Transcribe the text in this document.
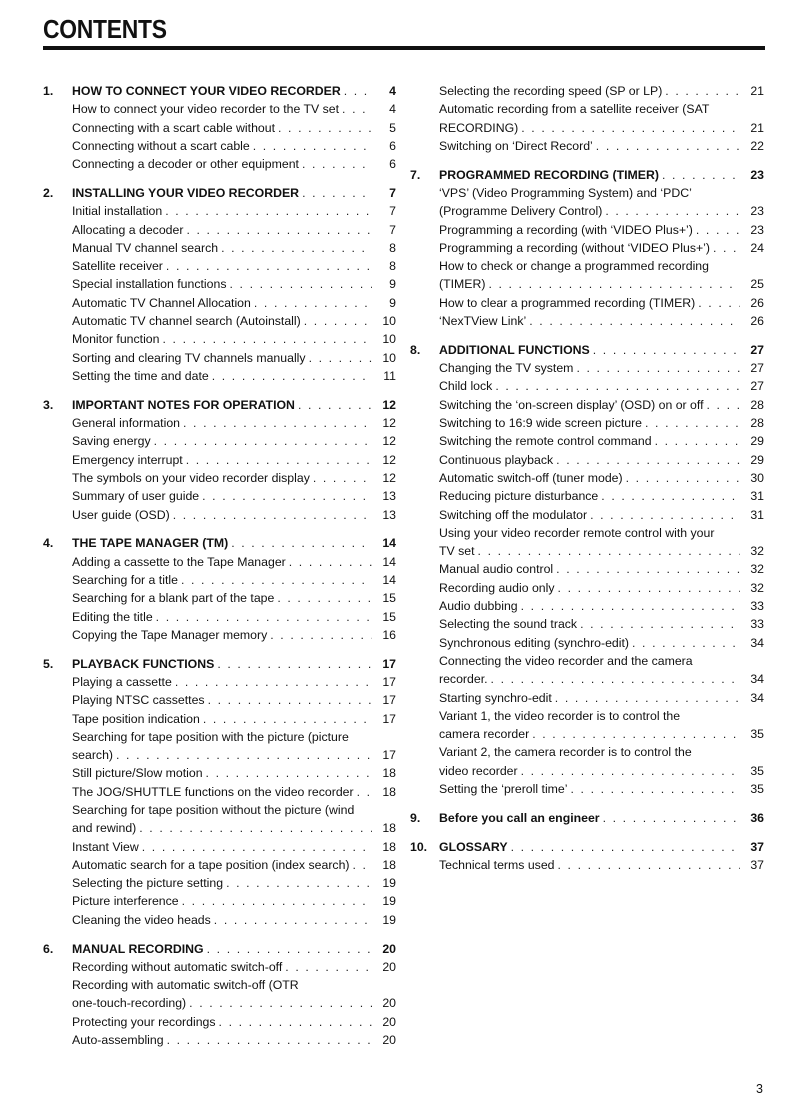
CONTENTS
1.	HOW TO CONNECT YOUR VIDEO RECORDER . . .	4
How to connect your video recorder to the TV set . . .	4
Connecting with a scart cable without . . .	5
Connecting without a scart cable . . .	6
Connecting a decoder or other equipment . . .	6
2.	INSTALLING YOUR VIDEO RECORDER . . .	7
Initial installation . . .	7
Allocating a decoder . . .	7
Manual TV channel search . . .	8
Satellite receiver . . .	8
Special installation functions . . .	9
Automatic TV Channel Allocation . . .	9
Automatic TV channel search (Autoinstall) . . .	10
Monitor function . . .	10
Sorting and clearing TV channels manually . . .	10
Setting the time and date . . .	11
3.	IMPORTANT NOTES FOR OPERATION . . .	12
General information . . .	12
Saving energy . . .	12
Emergency interrupt . . .	12
The symbols on your video recorder display . . .	12
Summary of user guide . . .	13
User guide (OSD) . . .	13
4.	THE TAPE MANAGER (TM) . . .	14
Adding a cassette to the Tape Manager . . .	14
Searching for a title . . .	14
Searching for a blank part of the tape . . .	15
Editing the title . . .	15
Copying the Tape Manager memory . . .	16
5.	PLAYBACK FUNCTIONS . . .	17
Playing a cassette . . .	17
Playing NTSC cassettes . . .	17
Tape position indication . . .	17
Searching for tape position with the picture (picture
search) . . .	17
Still picture/Slow motion . . .	18
The JOG/SHUTTLE functions on the video recorder . . .	18
Searching for tape position without the picture (wind
and rewind) . . .	18
Instant View . . .	18
Automatic search for a tape position (index search) . . .	18
Selecting the picture setting . . .	19
Picture interference . . .	19
Cleaning the video heads . . .	19
6.	MANUAL RECORDING . . .	20
Recording without automatic switch-off . . .	20
Recording with automatic switch-off (OTR
one-touch-recording) . . .	20
Protecting your recordings . . .	20
Auto-assembling . . .	20
Selecting the recording speed (SP or LP) . . .	21
Automatic recording from a satellite receiver (SAT
RECORDING) . . .	21
Switching on ‘Direct Record’ . . .	22
7.	PROGRAMMED RECORDING (TIMER) . . .	23
‘VPS’ (Video Programming System) and ‘PDC’
(Programme Delivery Control) . . .	23
Programming a recording (with ‘VIDEO Plus+’) . . .	23
Programming a recording (without ‘VIDEO Plus+’) . . .	24
How to check or change a programmed recording
(TIMER) . . .	25
How to clear a programmed recording (TIMER) . . .	26
‘NexTView Link’ . . .	26
8.	ADDITIONAL FUNCTIONS . . .	27
Changing the TV system . . .	27
Child lock . . .	27
Switching the ‘on-screen display’ (OSD) on or off . . .	28
Switching to 16:9 wide screen picture . . .	28
Switching the remote control command . . .	29
Continuous playback . . .	29
Automatic switch-off (tuner mode) . . .	30
Reducing picture disturbance . . .	31
Switching off the modulator . . .	31
Using your video recorder remote control with your
TV set . . .	32
Manual audio control . . .	32
Recording audio only . . .	32
Audio dubbing . . .	33
Selecting the sound track . . .	33
Synchronous editing (synchro-edit) . . .	34
Connecting the video recorder and the camera
recorder. . . .	34
Starting synchro-edit . . .	34
Variant 1, the video recorder is to control the
camera recorder . . .	35
Variant 2, the camera recorder is to control the
video recorder . . .	35
Setting the ‘preroll time’ . . .	35
9.	Before you call an engineer . . .	36
10. GLOSSARY . . .	37
Technical terms used . . .	37
3
